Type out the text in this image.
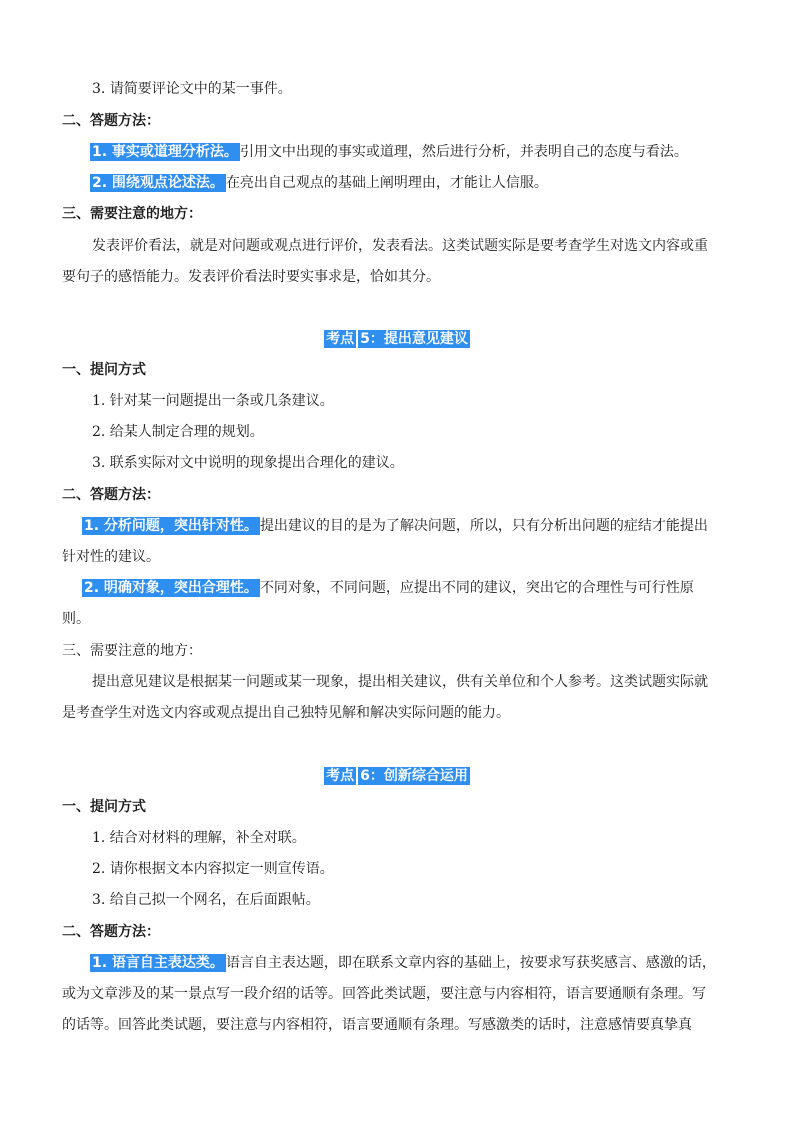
3. 请简要评论文中的某一事件。
二、答题方法：
1. 事实或道理分析法。 引用文中出现的事实或道理，然后进行分析，并表明自己的态度与看法。
2. 围绕观点论述法。 在亮出自己观点的基础上阐明理由，才能让人信服。
三、需要注意的地方：
发表评价看法，就是对问题或观点进行评价，发表看法。这类试题实际是要考查学生对选文内容或重
要句子的感悟能力。发表评价看法时要实事求是，恰如其分。
考点 5：提出意见建议
一、提问方式
1. 针对某一问题提出一条或几条建议。
2. 给某人制定合理的规划。
3. 联系实际对文中说明的现象提出合理化的建议。
二、答题方法：
1. 分析问题，突出针对性。 提出建议的目的是为了解决问题，所以，只有分析出问题的症结才能提出
针对性的建议。
2. 明确对象，突出合理性。 不同对象，不同问题，应提出不同的建议，突出它的合理性与可行性原
则。
三、需要注意的地方：
提出意见建议是根据某一问题或某一现象，提出相关建议，供有关单位和个人参考。这类试题实际就
是考查学生对选文内容或观点提出自己独特见解和解决实际问题的能力。
考点 6：创新综合运用
一、提问方式
1. 结合对材料的理解，补全对联。
2. 请你根据文本内容拟定一则宣传语。
3. 给自己拟一个网名，在后面跟帖。
二、答题方法：
1. 语言自主表达类。 语言自主表达题，即在联系文章内容的基础上，按要求写获奖感言、感激的话，
或为文章涉及的某一景点写一段介绍的话等。回答此类试题，要注意与内容相符，语言要通顺有条理。写
的话等。回答此类试题，要注意与内容相符，语言要通顺有条理。写感激类的话时，注意感情要真挚真
